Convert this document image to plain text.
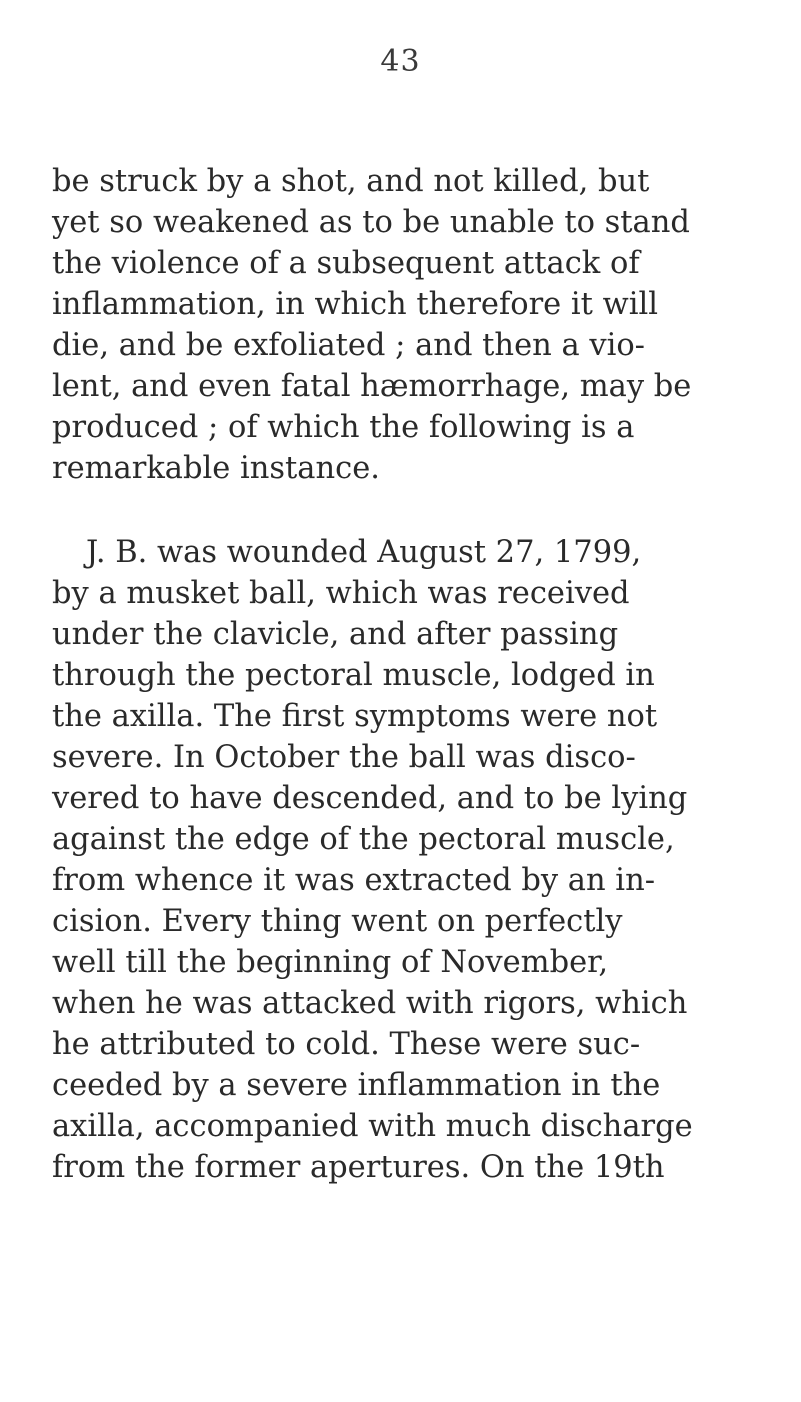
43
be struck by a shot, and not killed, but
yet so weakened as to be unable to stand
the violence of a subsequent attack of
inflammation, in which therefore it will
die, and be exfoliated ; and then a vio-
lent, and even fatal hæmorrhage, may be
produced ; of which the following is a
remarkable instance.
J. B. was wounded August 27, 1799,
by a musket ball, which was received
under the clavicle, and after passing
through the pectoral muscle, lodged in
the axilla. The first symptoms were not
severe. In October the ball was disco-
vered to have descended, and to be lying
against the edge of the pectoral muscle,
from whence it was extracted by an in-
cision. Every thing went on perfectly
well till the beginning of November,
when he was attacked with rigors, which
he attributed to cold. These were suc-
ceeded by a severe inflammation in the
axilla, accompanied with much discharge
from the former apertures. On the 19th
